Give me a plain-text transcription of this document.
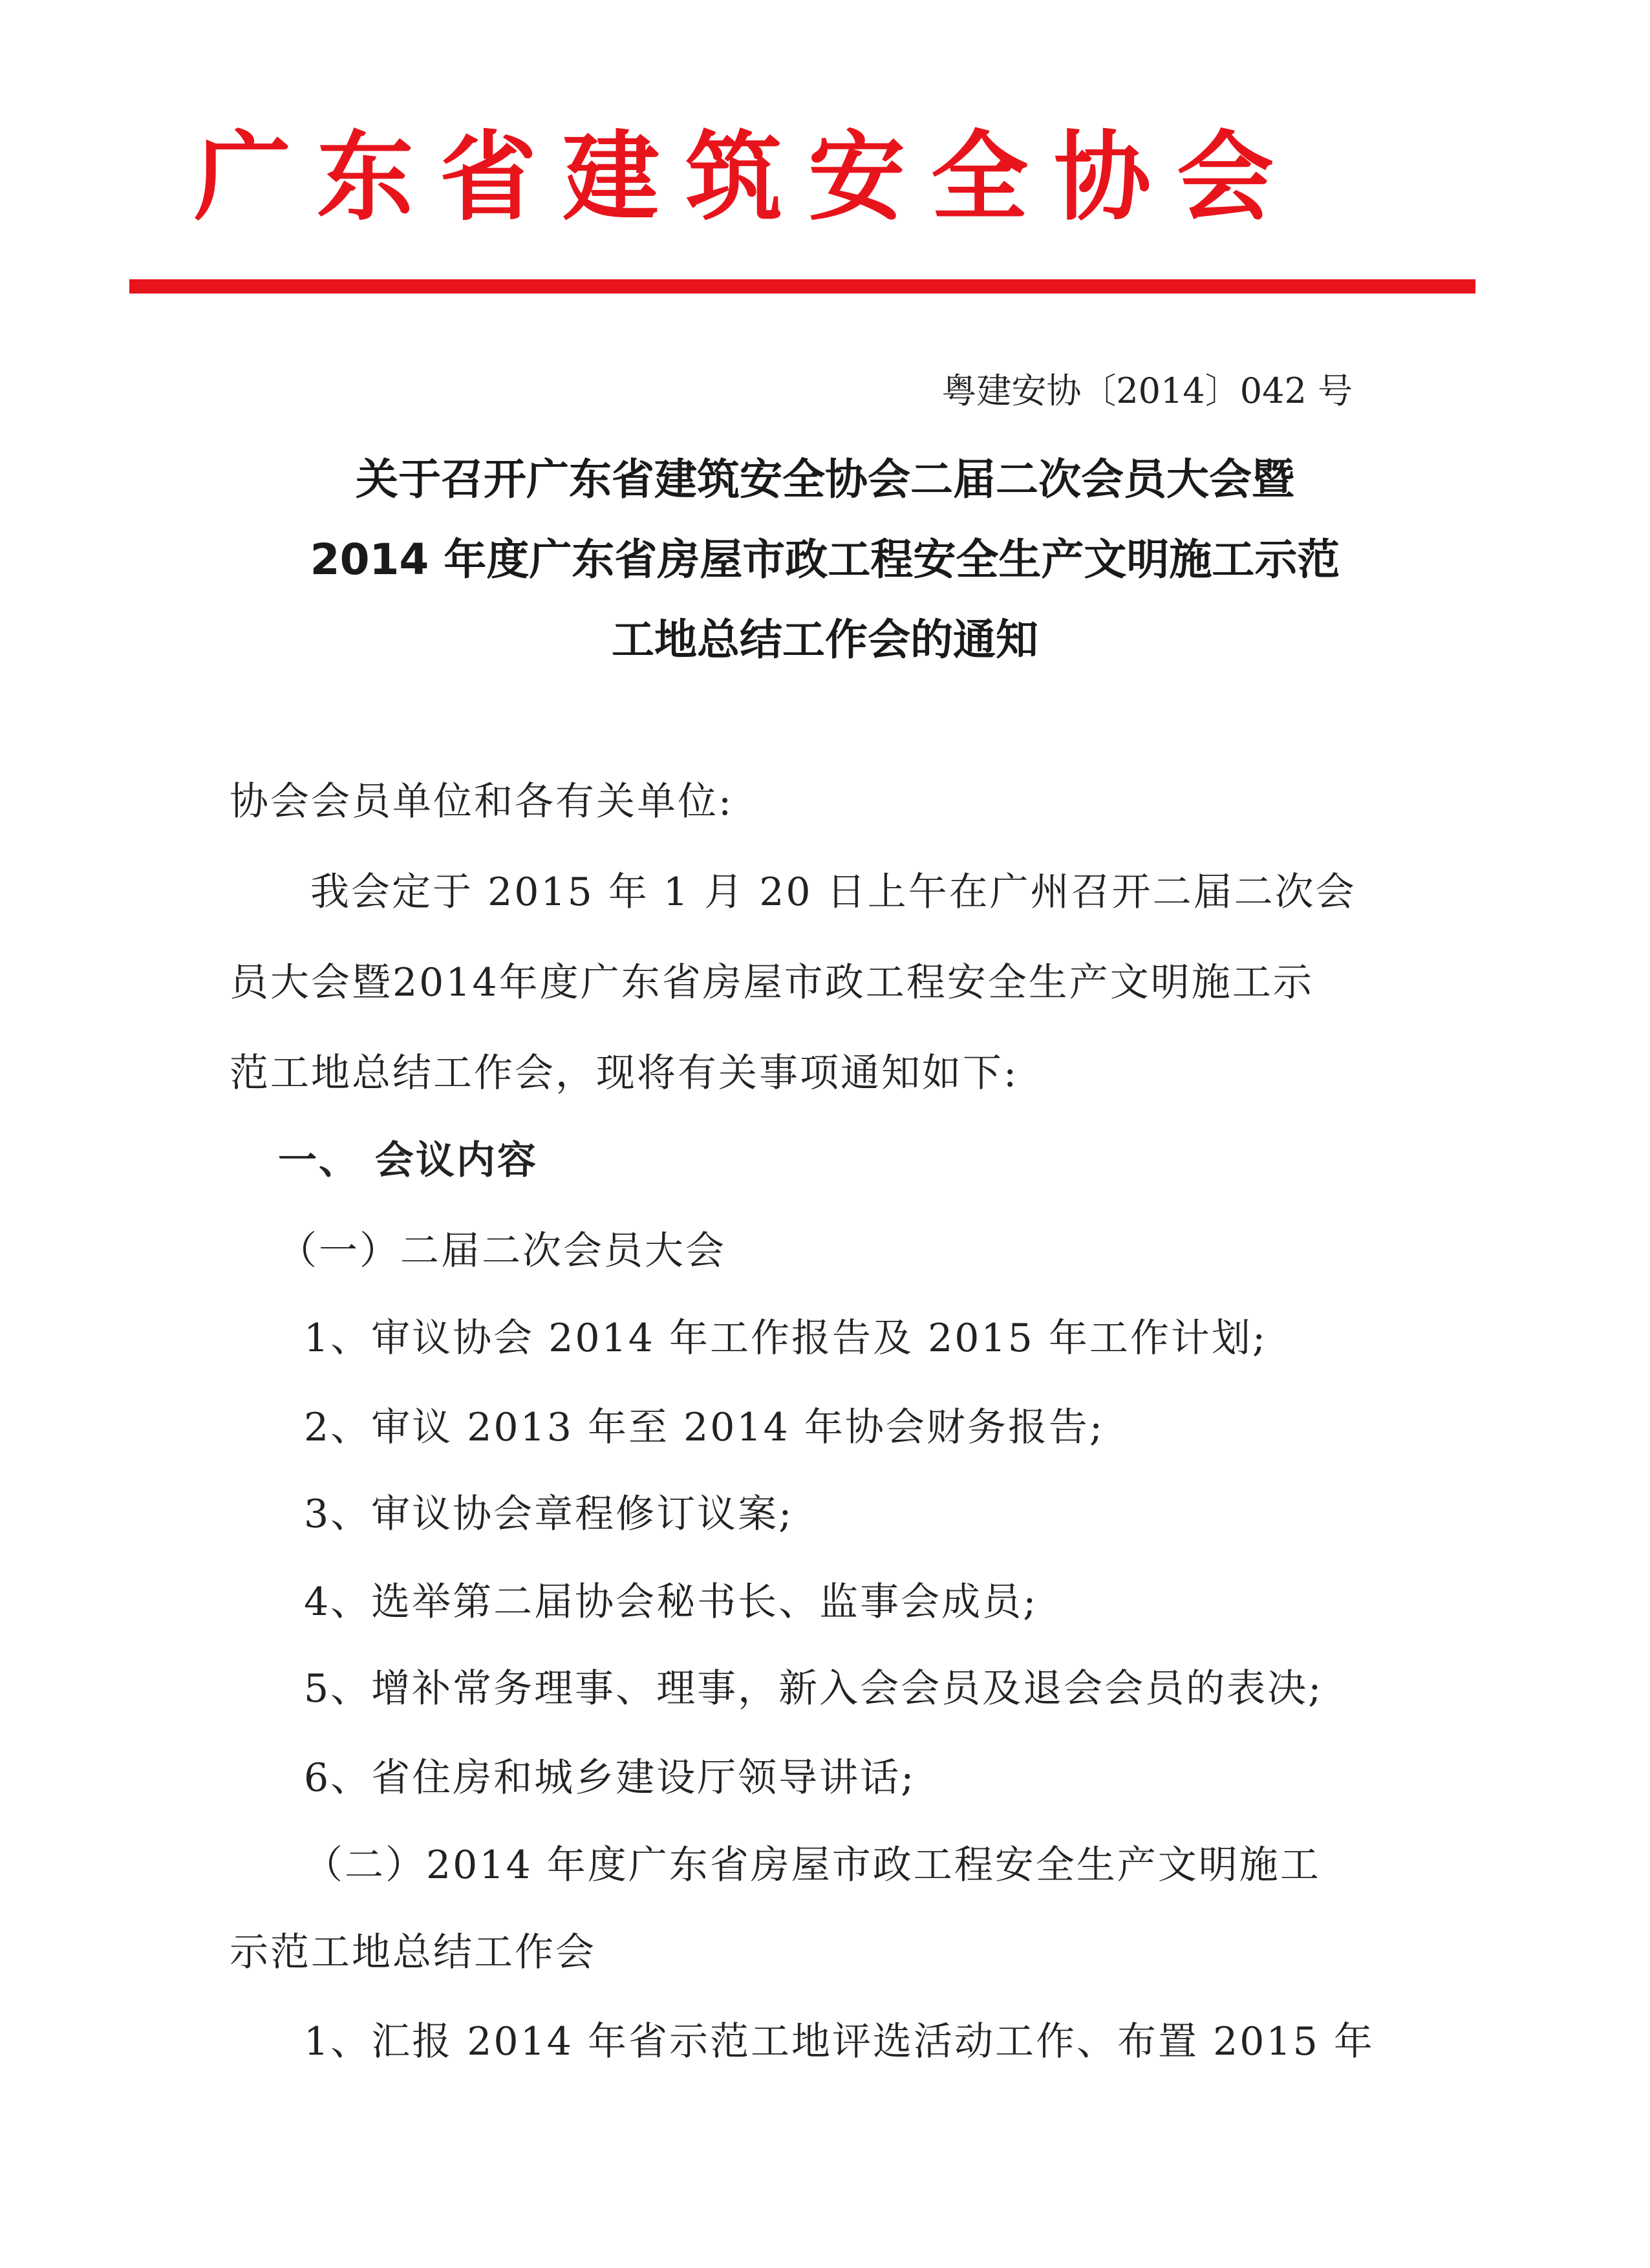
广东省建筑安全协会
粤建安协〔2014〕042 号
关于召开广东省建筑安全协会二届二次会员大会暨
2014 年度广东省房屋市政工程安全生产文明施工示范
工地总结工作会的通知
协会会员单位和各有关单位:
我会定于 2015 年 1 月 20 日上午在广州召开二届二次会
员大会暨2014年度广东省房屋市政工程安全生产文明施工示
范工地总结工作会，现将有关事项通知如下:
一、 会议内容
（一）二届二次会员大会
1、审议协会 2014 年工作报告及 2015 年工作计划;
2、审议 2013 年至 2014 年协会财务报告;
3、审议协会章程修订议案;
4、选举第二届协会秘书长、监事会成员;
5、增补常务理事、理事，新入会会员及退会会员的表决;
6、省住房和城乡建设厅领导讲话;
（二）2014 年度广东省房屋市政工程安全生产文明施工
示范工地总结工作会
1、汇报 2014 年省示范工地评选活动工作、布置 2015 年
